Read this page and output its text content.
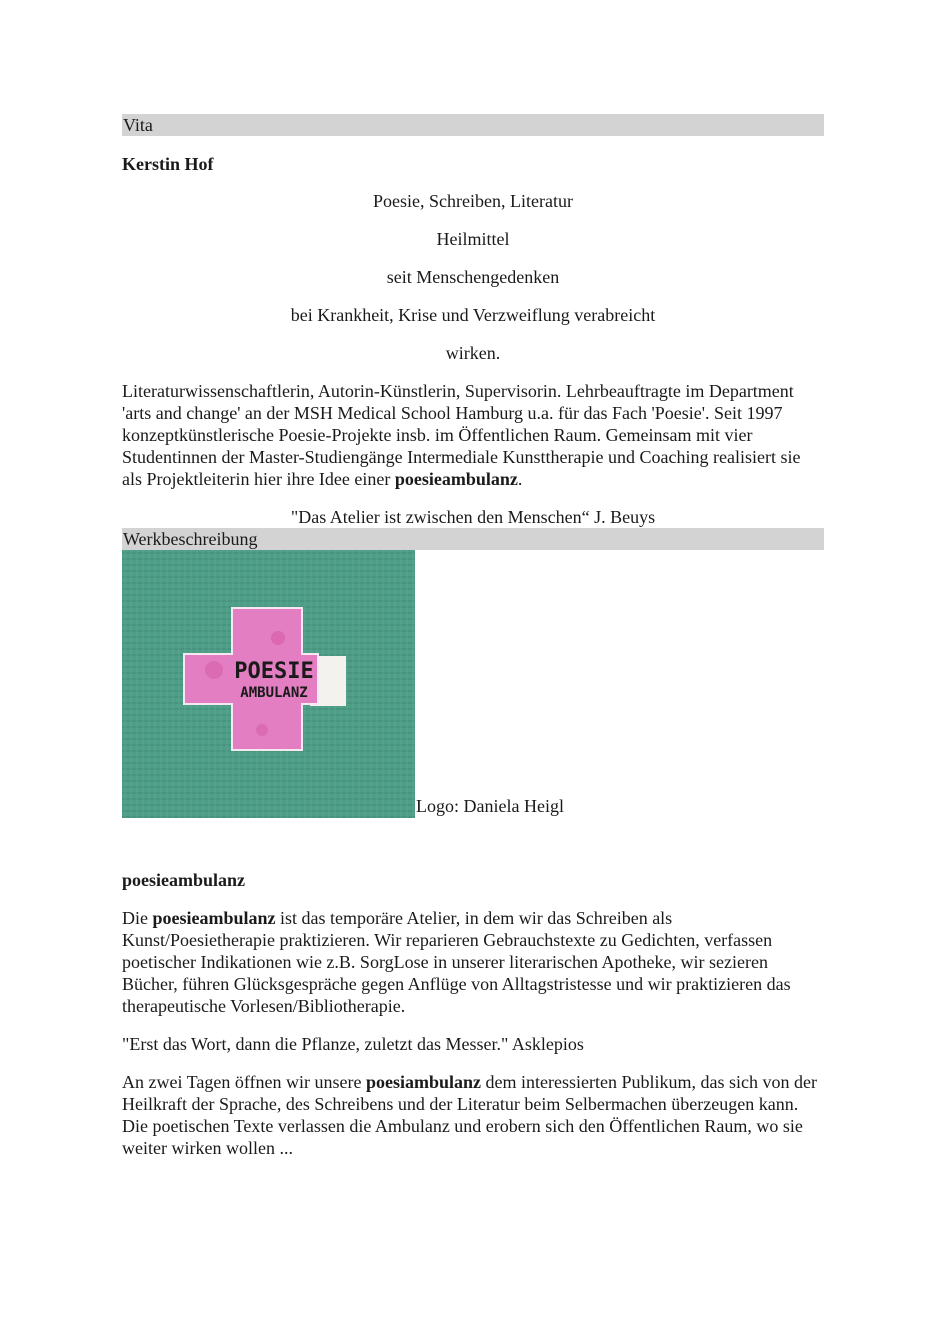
Vita
Kerstin Hof
Poesie, Schreiben, Literatur
Heilmittel
seit Menschengedenken
bei Krankheit, Krise und Verzweiflung verabreicht
wirken.

Literaturwissenschaftlerin, Autorin-Künstlerin, Supervisorin. Lehrbeauftragte im Department 'arts and change' an der MSH Medical School Hamburg u.a. für das Fach 'Poesie'. Seit 1997 konzeptkünstlerische Poesie-Projekte insb. im Öffentlichen Raum. Gemeinsam mit vier Studentinnen der Master-Studiengänge Intermediale Kunsttherapie und Coaching realisiert sie als Projektleiterin hier ihre Idee einer poesieambulanz.

"Das Atelier ist zwischen den Menschen“ J. Beuys
Werkbeschreibung
POESIE
AMBULANZ
Logo: Daniela Heigl
poesieambulanz

Die poesieambulanz ist das temporäre Atelier, in dem wir das Schreiben als Kunst/Poesietherapie praktizieren. Wir reparieren Gebrauchstexte zu Gedichten, verfassen poetischer Indikationen wie z.B. SorgLose in unserer literarischen Apotheke, wir sezieren Bücher, führen Glücksgespräche gegen Anflüge von Alltagstristesse und wir praktizieren das therapeutische Vorlesen/Bibliotherapie.

"Erst das Wort, dann die Pflanze, zuletzt das Messer." Asklepios

An zwei Tagen öffnen wir unsere poesiambulanz dem interessierten Publikum, das sich von der Heilkraft der Sprache, des Schreibens und der Literatur beim Selbermachen überzeugen kann. Die poetischen Texte verlassen die Ambulanz und erobern sich den Öffentlichen Raum, wo sie weiter wirken wollen ...
